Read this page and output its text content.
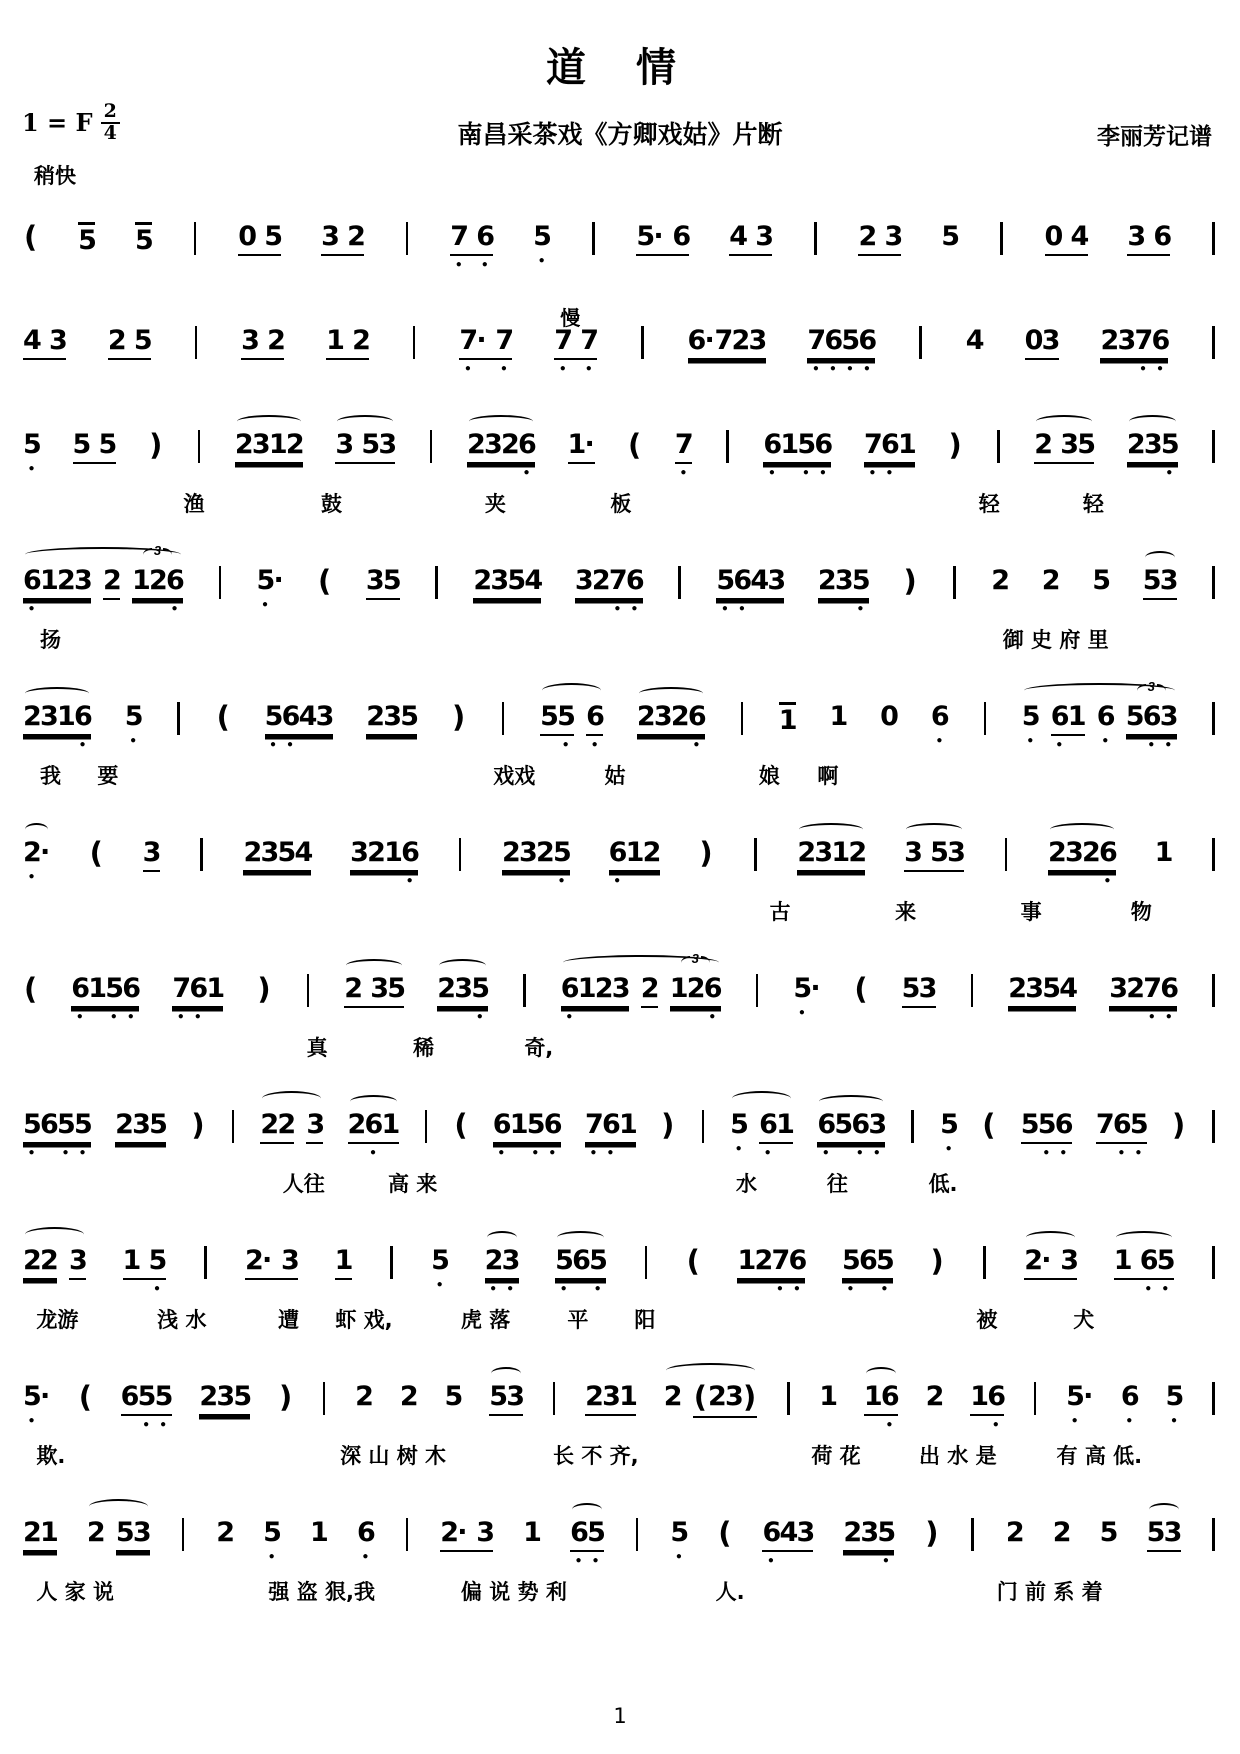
道 情
南昌采茶戏《方卿戏姑》片断
1 = F $\frac{2}{4}$	李丽芳记谱
稍快
( 5 5	0
5 3
2	7
6
●
	●
5
●
5
·
6 4
3	2
3 5	0
4 3
6
慢
4
3 2
5	3
2 1
2	7
·
7
●

	●
7
7
●
	●
6
· 7
2
3 7
6
5
6
●	●	●	●
4 0
3 2
3
7
6

●	●
5
●
5
5 )	2
3
1
2 3
5
3	2
3
2
6

●
1
· ( 7
●
6
1
5
6
●
	●	●
7
6
1
●	●

)	2
3
5 2
3
5

●
渔	鼓	夹	板	轻	轻
6
1
2
3
●

2
3
1
2
6

●
5
·
●

( 3
5	2
3
5
4 3
2
7
6

●	●
5
6
4
3
●	●

2
3
5

●
)	2 2 5 5
3
扬	御 史 府 里
2
3
1
6

●
5
●
( 5
6
4
3
●	●

2
3
5 )	5
5

●
6
●
2
3
2
6

●
1 1 0 6
●
5
●
6
1
●

6
●
3
5
6
3

●	●
我 要	戏戏	姑	娘 啊
2
·
●

( 3	2
3
5
4 3
2
1
6

●
2
3
2
5

●
6
1
2
●

)	2
3
1
2 3
5
3	2
3
2
6

●
1
古	来	事	物
( 6
1
5
6
●
	●	●
7
6
1
●	●

)	2
3
5 2
3
5

●
6
1
2
3
●

2
3
1
2
6

●
5
·
●

( 5
3	2
3
5
4 3
2
7
6

●	●
真	稀	奇,
5
6
5
5
●
	●	●
2
3
5 ) 2
2 3 2
6
1

●

( 6
1
5
6
●
	●	●
7
6
1
●	●

) 5
●
6
1
●

6
5
6
3
●
	●	●
5
●
( 5
5
6

●	●
7
6
5

●	●
)
人往	高 来	水	往	低.
2
2 3 1
5

●
2
·
3 1	5
●
2
3
●	●
5
6
5
●
	●
( 1
2
7
6

●	●
5
6
5
●
	●
)	2
·
3 1
6
5

●	●
龙游	浅 水	遭 虾 戏,	虎 落	平 阳	被	犬
5
·
●

( 6
5
5

●	●
2
3
5 ) 2 2 5 5
3 2
3
1 2 ( 2
3 ) 1 1
6

●
2 1
6

●
5
·
●

6
●
5
●
欺.	深 山 树 木	长 不 齐,	荷 花	出 水 是	有 高 低.
2
1 2 5
3 2 5
●
1 6
●
2
·
3 1 6
5
●	●
5
●
( 6
4
3
●

2
3
5

●
) 2 2 5 5
3
人 家 说	强 盗 狠,我	偏 说 势 利	人.	门 前 系 着
1
